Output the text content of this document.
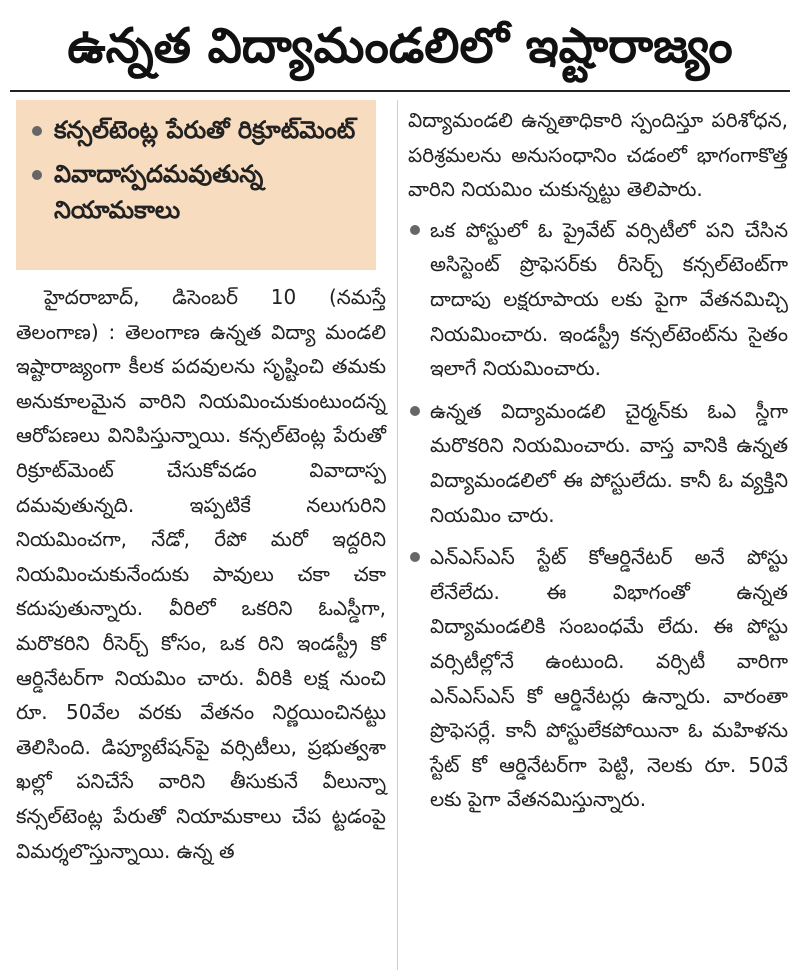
ఉన్నత విద్యామండలిలో ఇష్టారాజ్యం
కన్సల్‌టెంట్ల పేరుతో రిక్రూట్‌మెంట్
వివాదాస్పదమవుతున్న నియామకాలు

హైదరాబాద్, డిసెంబర్ 10 (నమస్తే తెలంగాణ) : తెలంగాణ ఉన్నత విద్యా మండలి ఇష్టారాజ్యంగా కీలక పదవులను సృష్టించి తమకు అనుకూలమైన వారిని నియమించుకుంటుందన్న ఆరోపణలు వినిపిస్తున్నాయి. కన్సల్‌టెంట్ల పేరుతో రిక్రూట్‌మెంట్ చేసుకోవడం వివాదాస్ప దమవుతున్నది. ఇప్పటికే నలుగురిని నియమించగా, నేడో, రేపో మరో ఇద్దరిని నియమించుకునేందుకు పావులు చకా చకా కదుపుతున్నారు. వీరిలో ఒకరిని ఓఎస్డీగా, మరొకరిని రీసెర్చ్ కోసం, ఒక రిని ఇండస్ట్రీ కో ఆర్డినేటర్‌గా నియమిం చారు. వీరికి లక్ష నుంచి రూ. 50వేల వరకు వేతనం నిర్ణయించినట్టు తెలిసింది. డిప్యూటేషన్‌పై వర్సిటీలు, ప్రభుత్వశా ఖల్లో పనిచేసే వారిని తీసుకునే వీలున్నా కన్సల్‌టెంట్ల పేరుతో నియామకాలు చేప ట్టడంపై విమర్శలొస్తున్నాయి. ఉన్న త

విద్యామండలి ఉన్నతాధికారి స్పందిస్తూ పరిశోధన, పరిశ్రమలను అనుసంధానిం చడంలో భాగంగాకొత్త వారిని నియమిం చుకున్నట్టు తెలిపారు.

ఒక పోస్టులో ఓ ప్రైవేట్ వర్సిటీలో పని చేసిన అసిస్టెంట్ ప్రొఫెసర్‌కు రీసెర్చ్ కన్సల్‌టెంట్‌గా దాదాపు లక్షరూపాయ లకు పైగా వేతనమిచ్చి నియమించారు. ఇండస్ట్రీ కన్సల్‌టెంట్‌ను సైతం ఇలాగే నియమించారు.
ఉన్నత విద్యామండలి చైర్మన్‌కు ఓఎ స్డీగా మరొకరిని నియమించారు. వాస్త వానికి ఉన్నత విద్యామండలిలో ఈ పోస్టులేదు. కానీ ఓ వ్యక్తిని నియమిం చారు.
ఎన్‌ఎస్‌ఎస్ స్టేట్ కోఆర్డినేటర్ అనే పోస్టు లేనేలేదు. ఈ విభాగంతో ఉన్నత విద్యామండలికి సంబంధమే లేదు. ఈ పోస్టు వర్సిటీల్లోనే ఉంటుంది. వర్సిటీ వారిగా ఎన్‌ఎస్‌ఎస్ కో ఆర్డినేటర్లు ఉన్నారు. వారంతా ప్రొఫెసర్లే. కానీ పోస్టులేకపోయినా ఓ మహిళను స్టేట్ కో ఆర్డినేటర్‌గా పెట్టి, నెలకు రూ. 50వే లకు పైగా వేతనమిస్తున్నారు.
